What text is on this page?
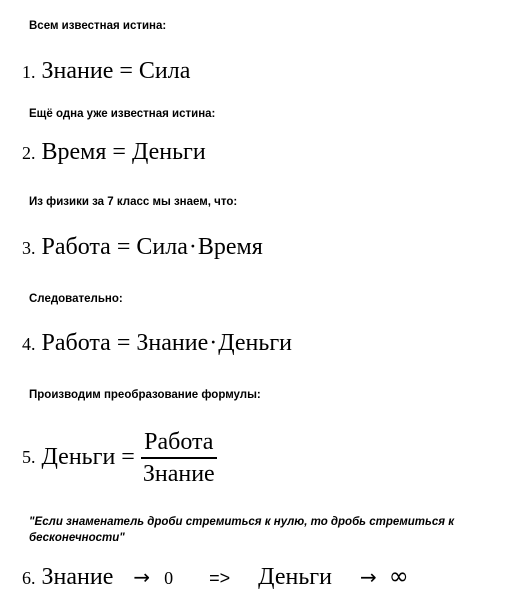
Всем известная истина:
1. Знание = Сила
Ещё одна уже известная истина:
2. Время = Деньги
Из физики за 7 класс мы знаем, что:
3. Работа = Сила·Время
Следовательно:
4. Работа = Знание·Деньги
Производим преобразование формулы:
5. Деньги = $\frac{\text{Работа}}{\text{Знание}}$
"Если знаменатель дроби стремиться к нулю, то дробь стремиться к бесконечности"
6. Знание → 0 => Деньги → ∞
